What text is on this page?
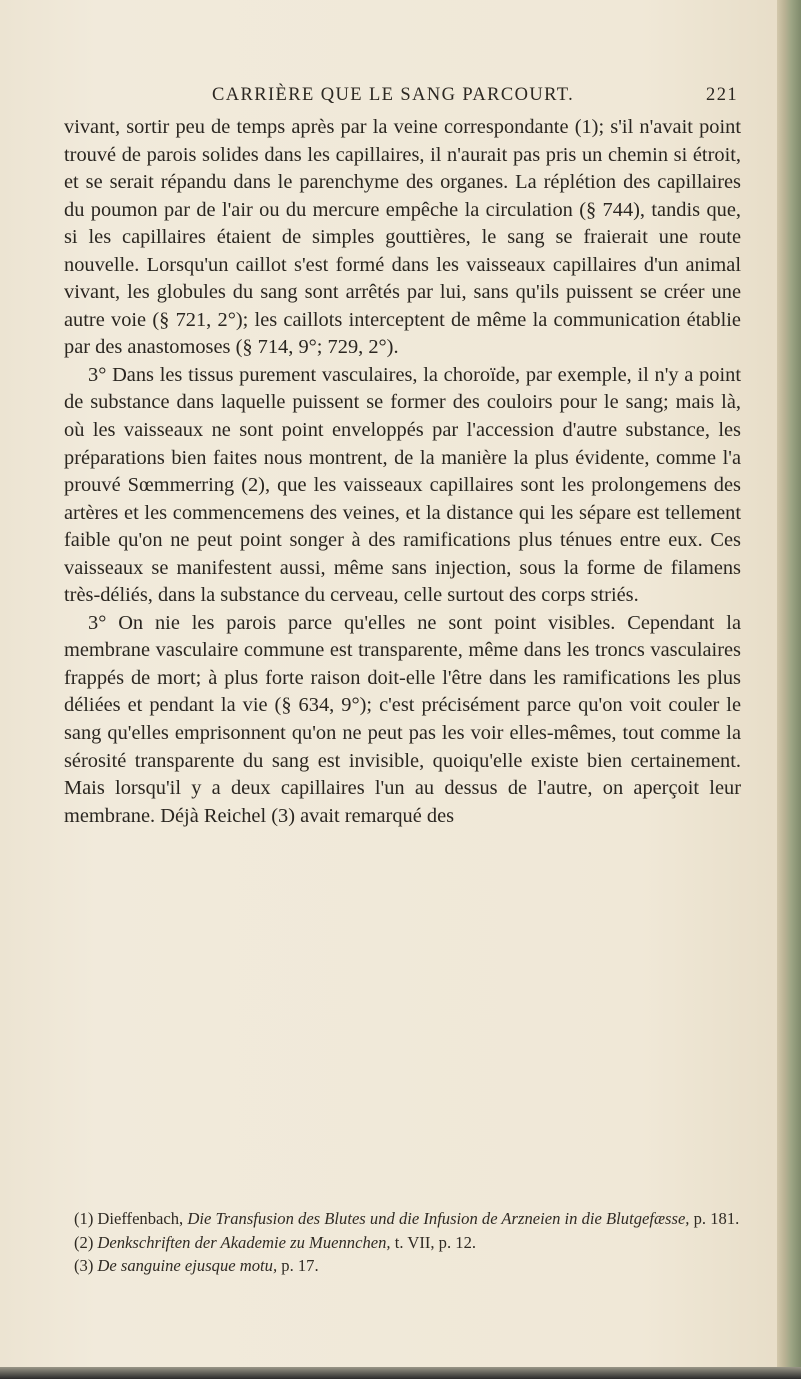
CARRIÈRE QUE LE SANG PARCOURT.	221

vivant, sortir peu de temps après par la veine correspondante (1); s'il n'avait point trouvé de parois solides dans les capillaires, il n'aurait pas pris un chemin si étroit, et se serait répandu dans le parenchyme des organes. La réplétion des capillaires du poumon par de l'air ou du mercure empêche la circulation (§ 744), tandis que, si les capillaires étaient de simples gouttières, le sang se fraierait une route nouvelle. Lorsqu'un caillot s'est formé dans les vaisseaux capillaires d'un animal vivant, les globules du sang sont arrêtés par lui, sans qu'ils puissent se créer une autre voie (§ 721, 2°); les caillots interceptent de même la communication établie par des anastomoses (§ 714, 9°; 729, 2°).

3° Dans les tissus purement vasculaires, la choroïde, par exemple, il n'y a point de substance dans laquelle puissent se former des couloirs pour le sang; mais là, où les vaisseaux ne sont point enveloppés par l'accession d'autre substance, les préparations bien faites nous montrent, de la manière la plus évidente, comme l'a prouvé Sœmmerring (2), que les vaisseaux capillaires sont les prolongemens des artères et les commencemens des veines, et la distance qui les sépare est tellement faible qu'on ne peut point songer à des ramifications plus ténues entre eux. Ces vaisseaux se manifestent aussi, même sans injection, sous la forme de filamens très-déliés, dans la substance du cerveau, celle surtout des corps striés.

3° On nie les parois parce qu'elles ne sont point visibles. Cependant la membrane vasculaire commune est transparente, même dans les troncs vasculaires frappés de mort; à plus forte raison doit-elle l'être dans les ramifications les plus déliées et pendant la vie (§ 634, 9°); c'est précisément parce qu'on voit couler le sang qu'elles emprisonnent qu'on ne peut pas les voir elles-mêmes, tout comme la sérosité transparente du sang est invisible, quoiqu'elle existe bien certainement. Mais lorsqu'il y a deux capillaires l'un au dessus de l'autre, on aperçoit leur membrane. Déjà Reichel (3) avait remarqué des

(1) Dieffenbach, Die Transfusion des Blutes und die Infusion de Arzneien in die Blutgefæsse, p. 181.

(2) Denkschriften der Akademie zu Muennchen, t. VII, p. 12.

(3) De sanguine ejusque motu, p. 17.
